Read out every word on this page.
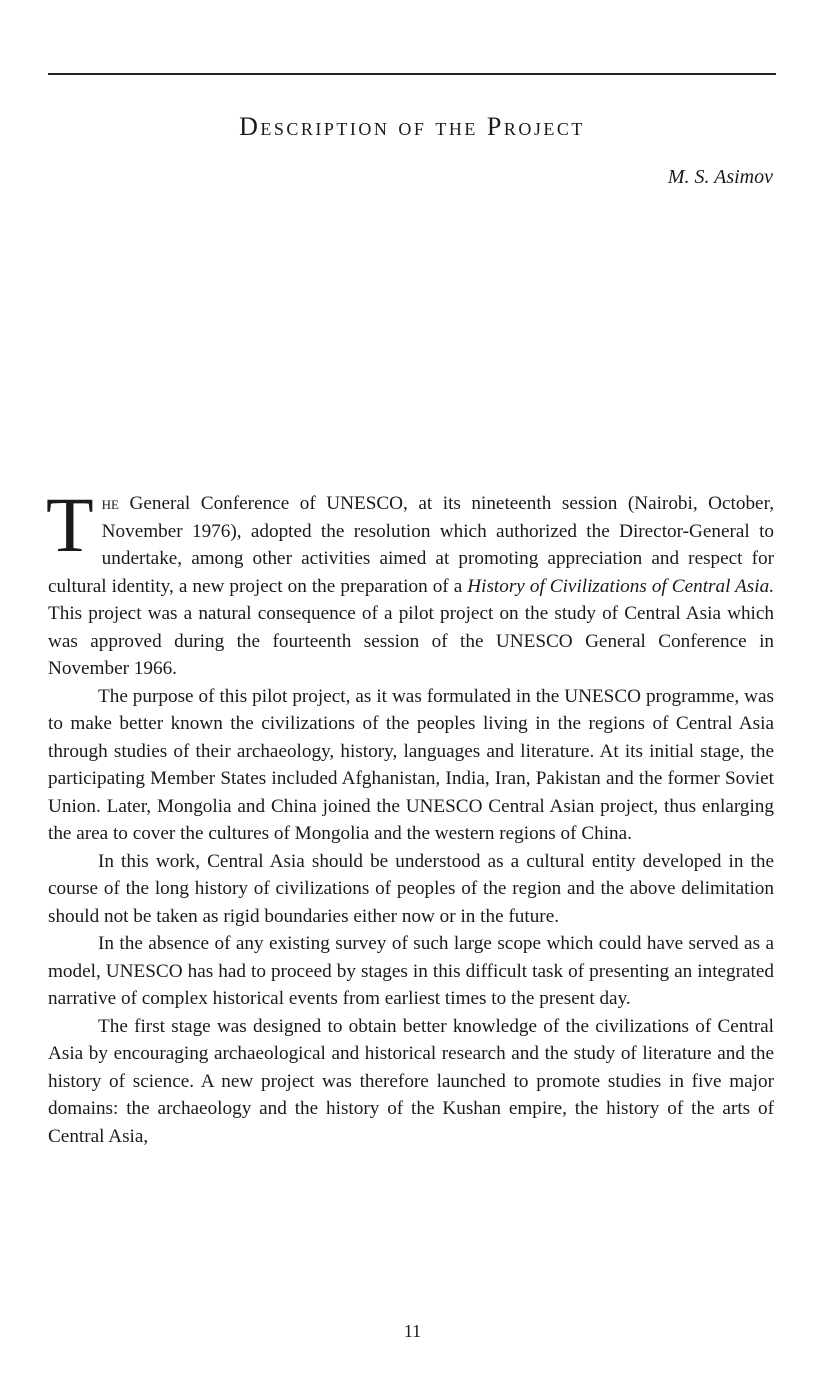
Description of the Project
M. S. Asimov

The General Conference of UNESCO, at its nineteenth session (Nairobi, October, November 1976), adopted the resolution which authorized the Director-General to undertake, among other activities aimed at promoting appreciation and respect for cultural identity, a new project on the preparation of a History of Civilizations of Central Asia. This project was a natural consequence of a pilot project on the study of Central Asia which was approved during the fourteenth session of the UNESCO General Conference in November 1966.

The purpose of this pilot project, as it was formulated in the UNESCO programme, was to make better known the civilizations of the peoples living in the regions of Central Asia through studies of their archaeology, history, languages and literature. At its initial stage, the participating Member States included Afghanistan, India, Iran, Pakistan and the former Soviet Union. Later, Mongolia and China joined the UNESCO Central Asian project, thus enlarging the area to cover the cultures of Mongolia and the western regions of China.

In this work, Central Asia should be understood as a cultural entity developed in the course of the long history of civilizations of peoples of the region and the above delimitation should not be taken as rigid boundaries either now or in the future.

In the absence of any existing survey of such large scope which could have served as a model, UNESCO has had to proceed by stages in this difficult task of presenting an integrated narrative of complex historical events from earliest times to the present day.

The first stage was designed to obtain better knowledge of the civilizations of Central Asia by encouraging archaeological and historical research and the study of literature and the history of science. A new project was therefore launched to promote studies in five major domains: the archaeology and the history of the Kushan empire, the history of the arts of Central Asia,

11
